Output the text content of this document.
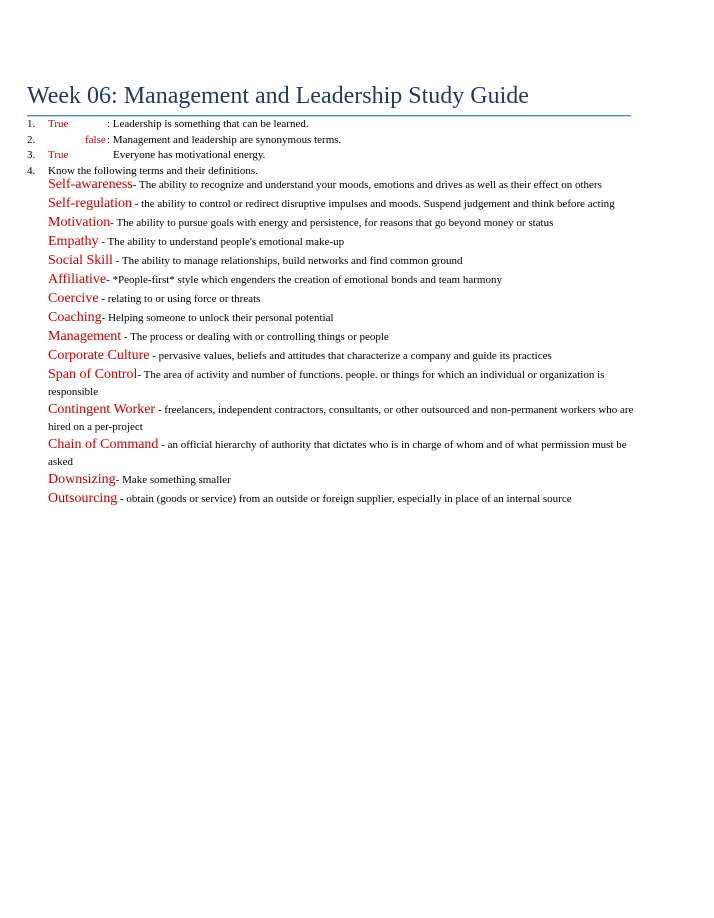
Week 06: Management and Leadership Study Guide
1. True	: Leadership is something that can be learned.
2.	false : Management and leadership are synonymous terms.
3. True	Everyone has motivational energy.
4. Know the following terms and their definitions.
Self-awareness- The ability to recognize and understand your moods, emotions and drives as well as their effect on others
Self-regulation - the ability to control or redirect disruptive impulses and moods. Suspend judgement and think before acting
Motivation- The ability to pursue goals with energy and persistence, for reasons that go beyond money or status
Empathy - The ability to understand people's emotional make-up
Social Skill - The ability to manage relationships, build networks and find common ground
Affiliative- *People-first* style which engenders the creation of emotional bonds and team harmony
Coercive - relating to or using force or threats
Coaching- Helping someone to unlock their personal potential
Management - The process or dealing with or controlling things or people
Corporate Culture - pervasive values, beliefs and attitudes that characterize a company and guide its practices
Span of Control- The area of activity and number of functions. people. or things for which an individual or organization is responsible
Contingent Worker - freelancers, independent contractors, consultants, or other outsourced and non-permanent workers who are hired on a per-project
Chain of Command - an official hierarchy of authority that dictates who is in charge of whom and of what permission must be asked
Downsizing- Make something smaller
Outsourcing - obtain (goods or service) from an outside or foreign supplier, especially in place of an internal source
